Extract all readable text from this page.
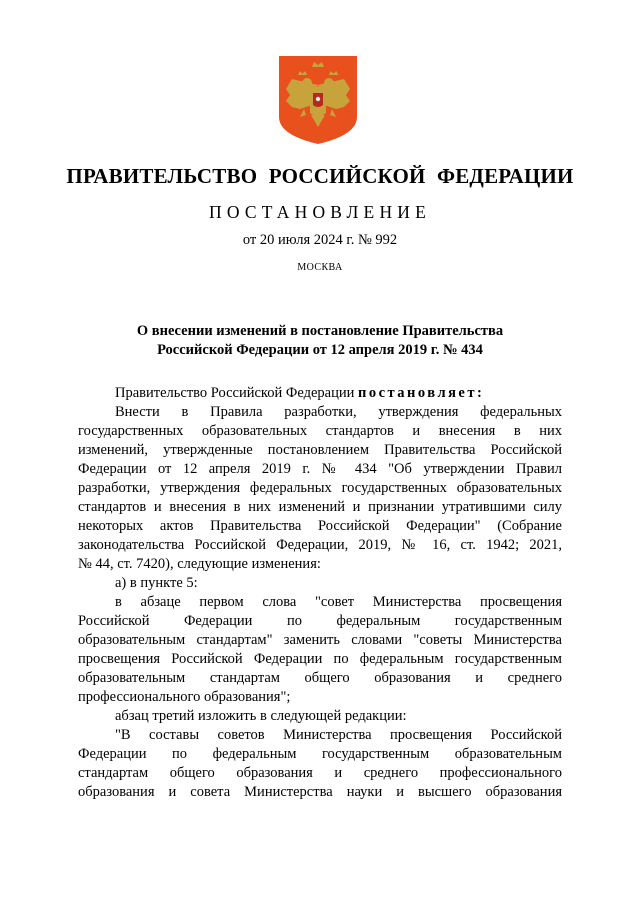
ПРАВИТЕЛЬСТВО РОССИЙСКОЙ ФЕДЕРАЦИИ
ПОСТАНОВЛЕНИЕ
от 20 июля 2024 г. № 992
МОСКВА
О внесении изменений в постановление Правительства
Российской Федерации от 12 апреля 2019 г. № 434

Правительство Российской Федерации постановляет:

Внести в Правила разработки, утверждения федеральных

государственных образовательных стандартов и внесения в них

изменений, утвержденные постановлением Правительства Российской

Федерации от 12 апреля 2019 г. № 434 "Об утверждении Правил

разработки, утверждения федеральных государственных образовательных

стандартов и внесения в них изменений и признании утратившими силу

некоторых актов Правительства Российской Федерации" (Собрание

законодательства Российской Федерации, 2019, № 16, ст. 1942; 2021,

№ 44, ст. 7420), следующие изменения:

а) в пункте 5:

в абзаце первом слова "совет Министерства просвещения

Российской Федерации по федеральным государственным

образовательным стандартам" заменить словами "советы Министерства

просвещения Российской Федерации по федеральным государственным

образовательным стандартам общего образования и среднего

профессионального образования";

абзац третий изложить в следующей редакции:

"В составы советов Министерства просвещения Российской

Федерации по федеральным государственным образовательным

стандартам общего образования и среднего профессионального

образования и совета Министерства науки и высшего образования
